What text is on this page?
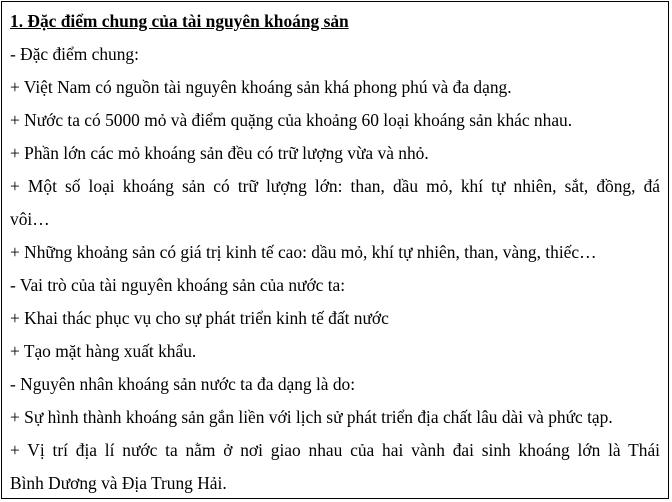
1. Đặc điểm chung của tài nguyên khoáng sản
- Đặc điểm chung:
+ Việt Nam có nguồn tài nguyên khoáng sản khá phong phú và đa dạng.
+ Nước ta có 5000 mỏ và điểm quặng của khoảng 60 loại khoáng sản khác nhau.
+ Phần lớn các mỏ khoáng sản đều có trữ lượng vừa và nhỏ.
+ Một số loại khoáng sản có trữ lượng lớn: than, dầu mỏ, khí tự nhiên, sắt, đồng, đá
vôi…
+ Những khoảng sản có giá trị kinh tế cao: dầu mỏ, khí tự nhiên, than, vàng, thiếc…
- Vai trò của tài nguyên khoáng sản của nước ta:
+ Khai thác phục vụ cho sự phát triển kinh tế đất nước
+ Tạo mặt hàng xuất khẩu.
- Nguyên nhân khoáng sản nước ta đa dạng là do:
+ Sự hình thành khoáng sản gắn liền với lịch sử phát triển địa chất lâu dài và phức tạp.
+ Vị trí địa lí nước ta nằm ở nơi giao nhau của hai vành đai sinh khoáng lớn là Thái
Bình Dương và Địa Trung Hải.
